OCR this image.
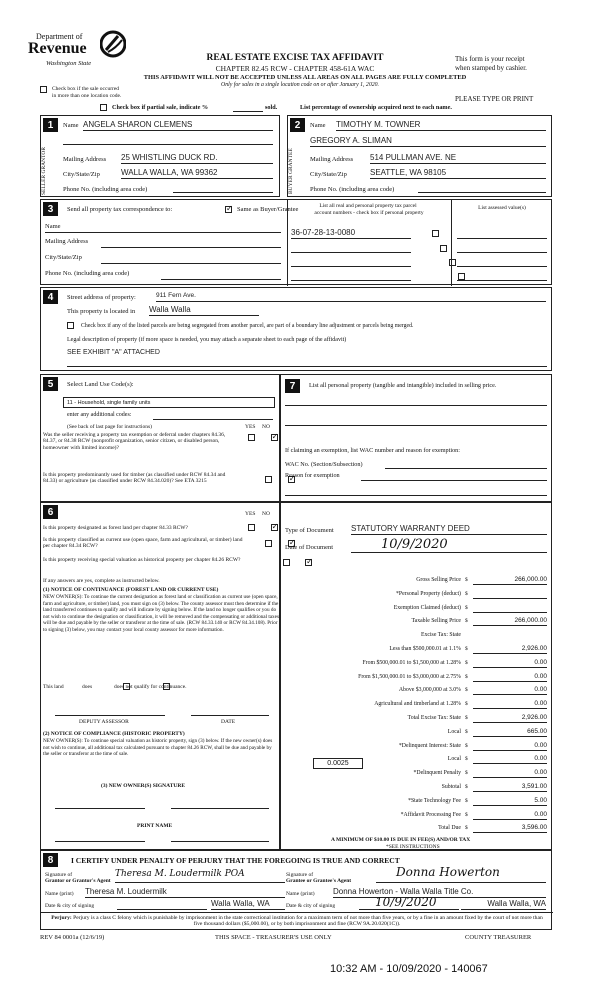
Department of
Revenue
Washington State
REAL ESTATE EXCISE TAX AFFIDAVIT
CHAPTER 82.45 RCW - CHAPTER 458-61A WAC
This form is your receipt
when stamped by cashier.
THIS AFFIDAVIT WILL NOT BE ACCEPTED UNLESS ALL AREAS ON ALL PAGES ARE FULLY COMPLETED
Only for sales in a single location code on or after January 1, 2020.
Check box if the sale occurred
in more than one location code.	PLEASE TYPE OR PRINT
Check box if partial sale, indicate %	sold.	List percentage of ownership acquired next to each name.
1
SELLER GRANTOR
Name ANGELA SHARON CLEMENS
Mailing Address 25 WHISTLING DUCK RD.
City/State/Zip	WALLA WALLA, WA 99362
Phone No. (including area code)
2
BUYER GRANTEE
Name TIMOTHY M. TOWNER
GREGORY A. SLIMAN
Mailing Address 514 PULLMAN AVE. NE
City/State/Zip	SEATTLE, WA 98105
Phone No. (including area code)
3	Send all property tax correspondence to:
✓	Same as Buyer/Grantee
Name
Mailing Address
City/State/Zip
Phone No. (including area code)
List all real and personal property tax parcel
account numbers - check box if personal property
List assessed value(s)
36-07-28-13-0080

4	Street address of property:	911 Fern Ave.
This property is located in Walla Walla
Check box if any of the listed parcels are being segregated from another parcel, are part of a boundary line adjustment or parcels being merged.
Legal description of property (if more space is needed, you may attach a separate sheet to each page of the affidavit)
SEE EXHIBIT "A" ATTACHED
5	Select Land Use Code(s):
11 - Household, single family units
enter any additional codes:
(See back of last page for instructions)	YES NO
Was the seller receiving a property tax exemption or deferral under chapters 84.36, 84.37, or 84.38 RCW (nonprofit organization, senior citizen, or disabled person, homeowner with limited income)?
✓
Is this property predominantly used for timber (as classified under RCW 84.34 and 84.33) or agriculture (as classified under RCW 84.34.020)? See ETA 3215
✓
7	List all personal property (tangible and intangible) included in selling price.
If claiming an exemption, list WAC number and reason for exemption:
WAC No. (Section/Subsection)
Reason for exemption
6	YES NO
Is this property designated as forest land per chapter 84.33 RCW?
✓
Is this property classified as current use (open space, farm and agricultural, or timber) land per chapter 84.34 RCW?
✓
Is this property receiving special valuation as historical property per chapter 84.26 RCW?
✓
If any answers are yes, complete as instructed below.
(1) NOTICE OF CONTINUANCE (FOREST LAND OR CURRENT USE)
NEW OWNER(S): To continue the current designation as forest land or classification as current use (open space, farm and agriculture, or timber) land, you must sign on (3) below. The county assessor must then determine if the land transferred continues to qualify and will indicate by signing below. If the land no longer qualifies or you do not wish to continue the designation or classification, it will be removed and the compensating or additional taxes will be due and payable by the seller or transferor at the time of sale. (RCW 84.33.140 or RCW 84.34.108). Prior to signing (3) below, you may contact your local county assessor for more information.
This land
	does	does not qualify for continuance.
DEPUTY ASSESSOR	DATE
(2) NOTICE OF COMPLIANCE (HISTORIC PROPERTY)
NEW OWNER(S): To continue special valuation as historic property, sign (3) below. If the new owner(s) does not wish to continue, all additional tax calculated pursuant to chapter 84.26 RCW, shall be due and payable by the seller or transferor at the time of sale.
(3) NEW OWNER(S) SIGNATURE
PRINT NAME
Type of Document STATUTORY WARRANTY DEED
Date of Document	10/9/2020
Gross Selling Price $	266,000.00
*Personal Property (deduct) $
Exemption Claimed (deduct) $
Taxable Selling Price $	266,000.00
Excise Tax: State
Less than $500,000.01 at 1.1% $	2,926.00
From $500,000.01 to $1,500,000 at 1.28% $	0.00
From $1,500,000.01 to $3,000,000 at 2.75% $	0.00
Above $3,000,000 at 3.0% $	0.00
Agricultural and timberland at 1.28% $	0.00
Total Excise Tax: State $	2,926.00
Local $	665.00
*Delinquent Interest: State $	0.00
Local $	0.00
*Delinquent Penalty $	0.00
Subtotal $	3,591.00
*State Technology Fee $	5.00
*Affidavit Processing Fee $	0.00
Total Due $	3,596.00
0.0025
A MINIMUM OF $10.00 IS DUE IN FEE(S) AND/OR TAX
*SEE INSTRUCTIONS
8	I CERTIFY UNDER PENALTY OF PERJURY THAT THE FOREGOING IS TRUE AND CORRECT
Signature of
Grantor or Grantor's Agent
Theresa M. Loudermilk POA	Signature of
Grantee or Grantee's Agent
Donna Howerton
Name (print) Theresa M. Loudermilk	Name (print) Donna Howerton - Walla Walla Title Co.
Date & city of signing	Walla Walla, WA	Date & city of signing	10/9/2020	Walla Walla, WA
Perjury: Perjury is a class C felony which is punishable by imprisonment in the state correctional institution for a maximum term of not more than five years, or by a fine in an amount fixed by the court of not more than five thousand dollars ($5,000.00), or by both imprisonment and fine (RCW 9A.20.020(1C)).
REV 84 0001a (12/6/19)	THIS SPACE - TREASURER'S USE ONLY	COUNTY TREASURER
10:32 AM - 10/09/2020 - 140067
